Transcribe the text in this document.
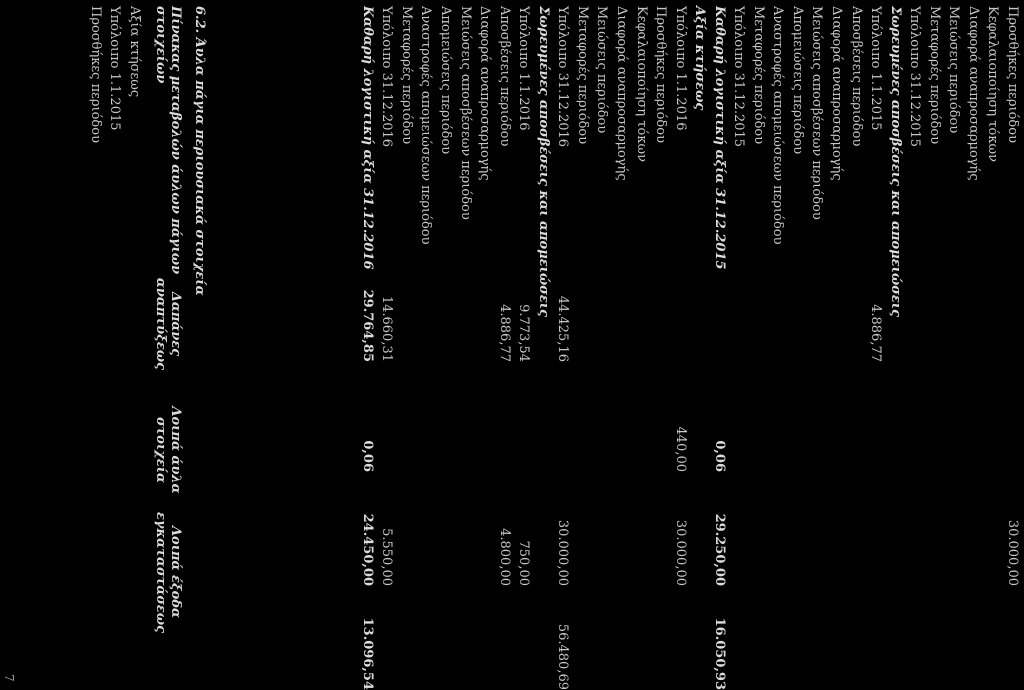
Προσθήκες περιόδου
30.000,00
Κεφαλαιοποίηση τόκων
Διαφορά αναπροσαρμογής
Μειώσεις περιόδου
Μεταφορές περιόδου
Υπόλοιπο 31.12.2015
Σωρευμένες αποσβέσεις και απομειώσεις
Υπόλοιπο 1.1.2015
4.886,77
Αποσβέσεις περιόδου
Διαφορά αναπροσαρμογής
Μειώσεις αποσβέσεων περιόδου
Απομειώσεις περιόδου
Αναστροφές απομειώσεων περιόδου
Μεταφορές περιόδου
Υπόλοιπο 31.12.2015
Καθαρή λογιστική αξία 31.12.2015
0,06
29.250,00
16.050,93
Αξία κτήσεως
Υπόλοιπο 1.1.2016
440,00
30.000,00
Προσθήκες περιόδου
Κεφαλαιοποίηση τόκων
Διαφορά αναπροσαρμογής
Μειώσεις περιόδου
Μεταφορές περιόδου
Υπόλοιπο 31.12.2016
44.425,16
30.000,00
56.480,69
Σωρευμένες αποσβέσεις και απομειώσεις
Υπόλοιπο 1.1.2016
9.773,54
750,00
Αποσβέσεις περιόδου
4.886,77
4.800,00
Διαφορά αναπροσαρμογής
Μειώσεις αποσβέσεων περιόδου
Απομειώσεις περιόδου
Αναστροφές απομειώσεων περιόδου
Μεταφορές περιόδου
Υπόλοιπο 31.12.2016
14.660,31
5.550,00
Καθαρή λογιστική αξία 31.12.2016
29.764,85
0,06
24.450,00
13.096,54
6.2. Άυλα πάγια περιουσιακά στοιχεία
Πίνακας μεταβολών άυλων πάγιων
στοιχείων
Δαπάνες
αναπτύξεως
Λοιπά άυλα
στοιχεία
Λοιπά έξοδα
εγκαταστάσεως
Αξία κτήσεως
Υπόλοιπο 1.1.2015
Προσθήκες περιόδου
7
